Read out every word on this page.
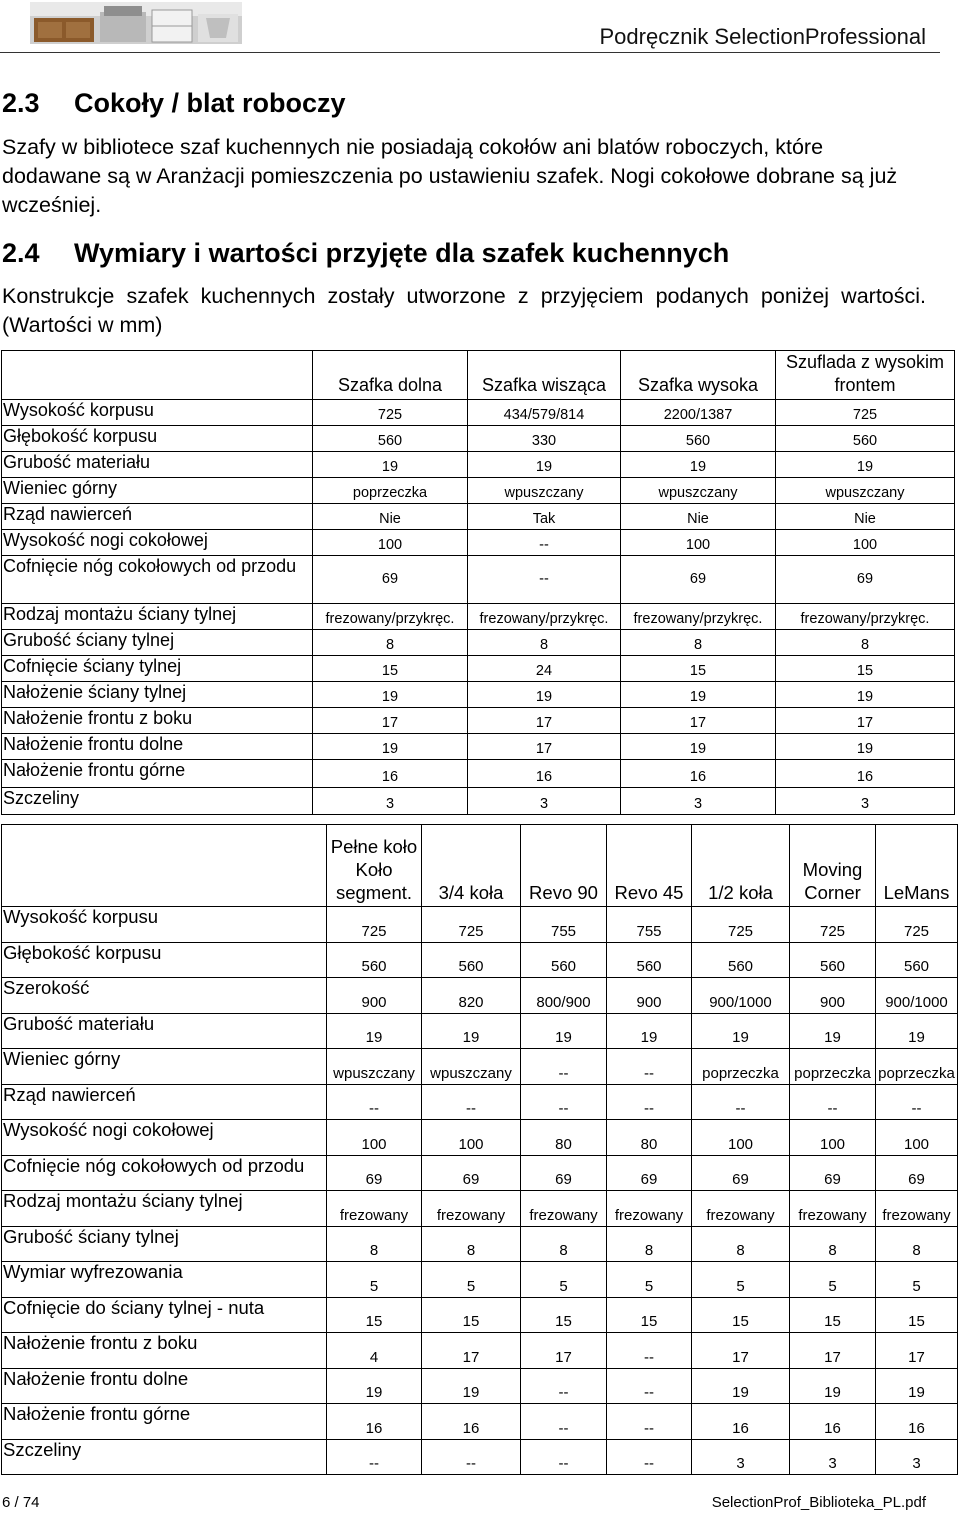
Podręcznik SelectionProfessional
2.3 Cokoły / blat roboczy
Szafy w bibliotece szaf kuchennych nie posiadają cokołów ani blatów roboczych, które dodawane są w Aranżacji pomieszczenia po ustawieniu szafek. Nogi cokołowe dobrane są już wcześniej.
2.4 Wymiary i wartości przyjęte dla szafek kuchennych
Konstrukcje szafek kuchennych zostały utworzone z przyjęciem podanych poniżej wartości. (Wartości w mm)
	Szafka dolna	Szafka wisząca	Szafka wysoka	Szuflada z wysokim frontem
Wysokość korpusu	725	434/579/814	2200/1387	725
Głębokość korpusu	560	330	560	560
Grubość materiału	19	19	19	19
Wieniec górny	poprzeczka	wpuszczany	wpuszczany	wpuszczany
Rząd nawierceń	Nie	Tak	Nie	Nie
Wysokość nogi cokołowej	100	--	100	100
Cofnięcie nóg cokołowych od przodu	69	--	69	69
Rodzaj montażu ściany tylnej	frezowany/przykręc.	frezowany/przykręc.	frezowany/przykręc.	frezowany/przykręc.
Grubość ściany tylnej	8	8	8	8
Cofnięcie ściany tylnej	15	24	15	15
Nałożenie ściany tylnej	19	19	19	19
Nałożenie frontu z boku	17	17	17	17
Nałożenie frontu dolne	19	17	19	19
Nałożenie frontu górne	16	16	16	16
Szczeliny	3	3	3	3
	Pełne koło Koło segment.	3/4 koła	Revo 90	Revo 45	1/2 koła	Moving Corner	LeMans
Wysokość korpusu	725	725	755	755	725	725	725
Głębokość korpusu	560	560	560	560	560	560	560
Szerokość	900	820	800/900	900	900/1000	900	900/1000
Grubość materiału	19	19	19	19	19	19	19
Wieniec górny	wpuszczany	wpuszczany	--	--	poprzeczka	poprzeczka	poprzeczka
Rząd nawierceń	--	--	--	--	--	--	--
Wysokość nogi cokołowej	100	100	80	80	100	100	100
Cofnięcie nóg cokołowych od przodu	69	69	69	69	69	69	69
Rodzaj montażu ściany tylnej	frezowany	frezowany	frezowany	frezowany	frezowany	frezowany	frezowany
Grubość ściany tylnej	8	8	8	8	8	8	8
Wymiar wyfrezowania	5	5	5	5	5	5	5
Cofnięcie do ściany tylnej - nuta	15	15	15	15	15	15	15
Nałożenie frontu z boku	4	17	17	--	17	17	17
Nałożenie frontu dolne	19	19	--	--	19	19	19
Nałożenie frontu górne	16	16	--	--	16	16	16
Szczeliny	--	--	--	--	3	3	3
6 / 74	SelectionProf_Biblioteka_PL.pdf
